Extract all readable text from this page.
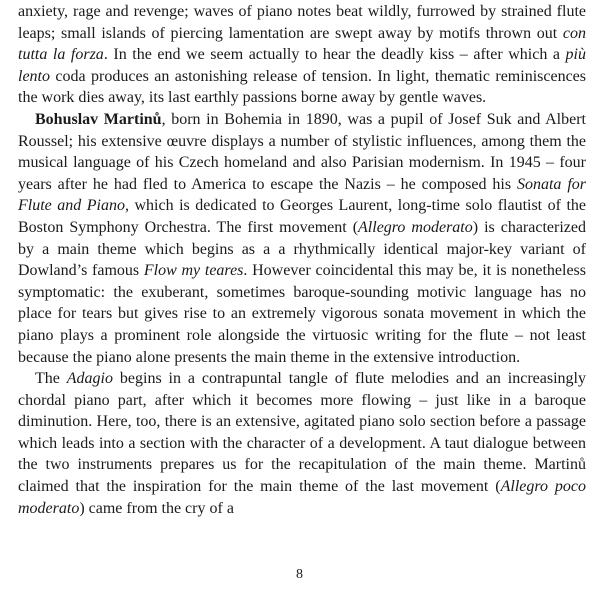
anxiety, rage and revenge; waves of piano notes beat wildly, furrowed by strained flute leaps; small islands of piercing lamentation are swept away by motifs thrown out con tutta la forza. In the end we seem actually to hear the deadly kiss – after which a più lento coda produces an astonishing release of tension. In light, thematic reminiscences the work dies away, its last earthly passions borne away by gentle waves.

Bohuslav Martinů, born in Bohemia in 1890, was a pupil of Josef Suk and Albert Roussel; his extensive œuvre displays a number of stylistic influences, among them the musical language of his Czech homeland and also Parisian modernism. In 1945 – four years after he had fled to America to escape the Nazis – he composed his Sonata for Flute and Piano, which is dedicated to Georges Laurent, long-time solo flautist of the Boston Symphony Orchestra. The first movement (Allegro moderato) is characterized by a main theme which begins as a a rhythmically identical major-key variant of Dowland’s famous Flow my teares. However coincidental this may be, it is nonetheless symptomatic: the exuberant, sometimes baroque-sounding motivic language has no place for tears but gives rise to an extremely vigorous sonata movement in which the piano plays a prominent role alongside the virtuosic writing for the flute – not least because the piano alone presents the main theme in the extensive introduction.

The Adagio begins in a contrapuntal tangle of flute melodies and an increasingly chordal piano part, after which it becomes more flowing – just like in a baroque diminution. Here, too, there is an extensive, agitated piano solo section before a passage which leads into a section with the character of a development. A taut dialogue between the two instruments prepares us for the recapitulation of the main theme. Martinů claimed that the inspiration for the main theme of the last movement (Allegro poco moderato) came from the cry of a

8
